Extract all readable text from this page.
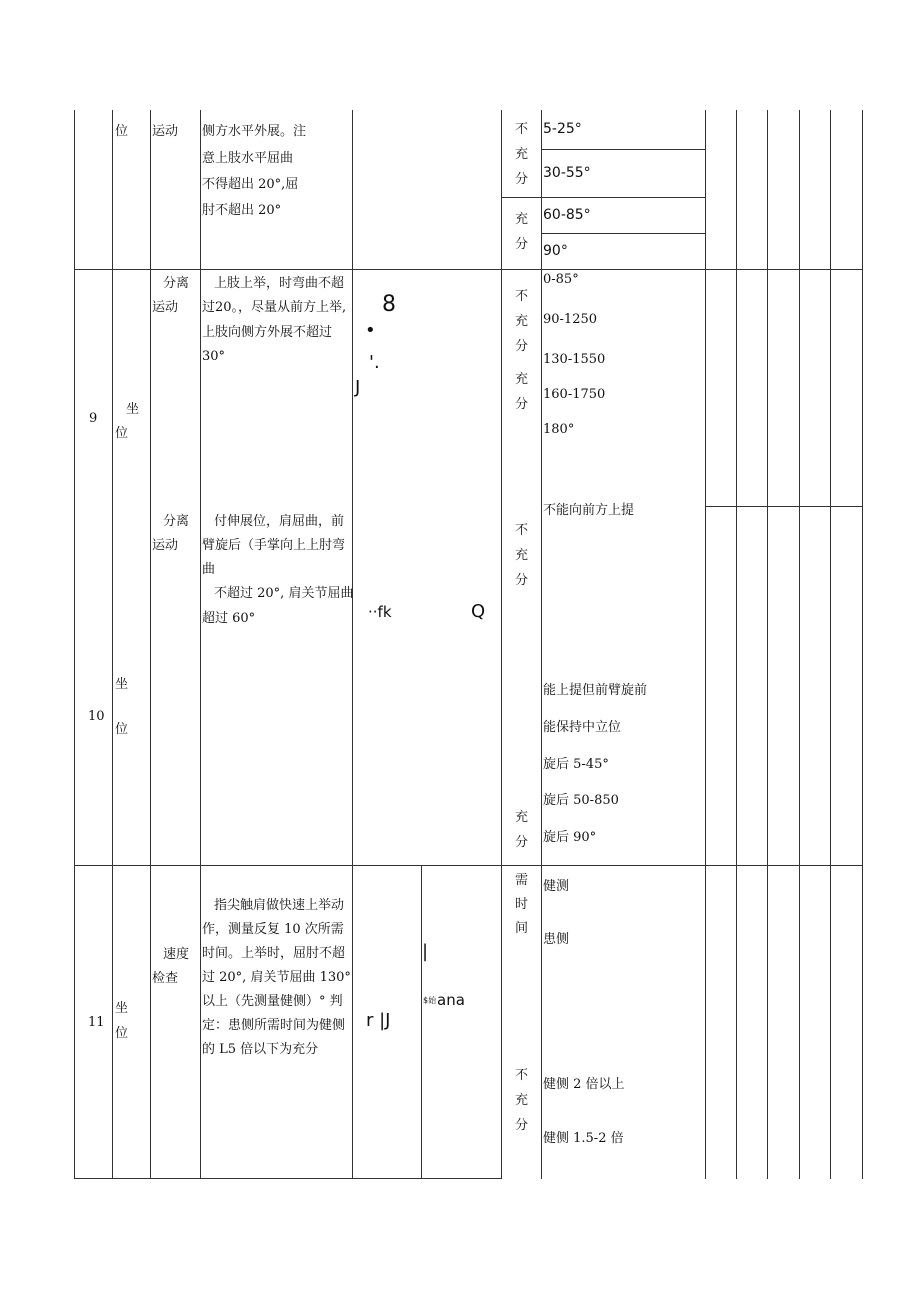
位 运动 侧方水平外展。注
意上肢水平屈曲
不得超出 20°,屈
肘不超出 20°
不
充
分
充
分
5-25°
30-55°
60-85°
90°
9
坐
位
分离
运动
上肢上举，时弯曲不超
过20。，尽量从前方上举,
上肢向侧方外展不超过
30°
8
•
'.
J
不
充
分
充
分
0-85°
90-1250
130-1550
160-1750
180°
10
坐
位
分离
运动
付伸展位，肩屈曲，前
臂旋后（手掌向上上肘弯
曲
不超过 20°, 肩关节屈曲
超过 60°	··fk	Q
不
充
分
充
分
不能向前方上提
能上提但前臂旋前
能保持中立位
旋后 5-45°
旋后 50-850
旋后 90°
11
坐
位
速度
检查
指尖触肩做快速上举动
作，测量反复 10 次所需
时间。上举时，屈肘不超
过 20°, 肩关节屈曲 130°
以上（先测量健侧）° 判
定：患侧所需时间为健侧
的 L5 倍以下为充分
|
r |J
$始 ana
需
时
间
不
充
分
健测
患侧
健侧 2 倍以上
健侧 1.5-2 倍
